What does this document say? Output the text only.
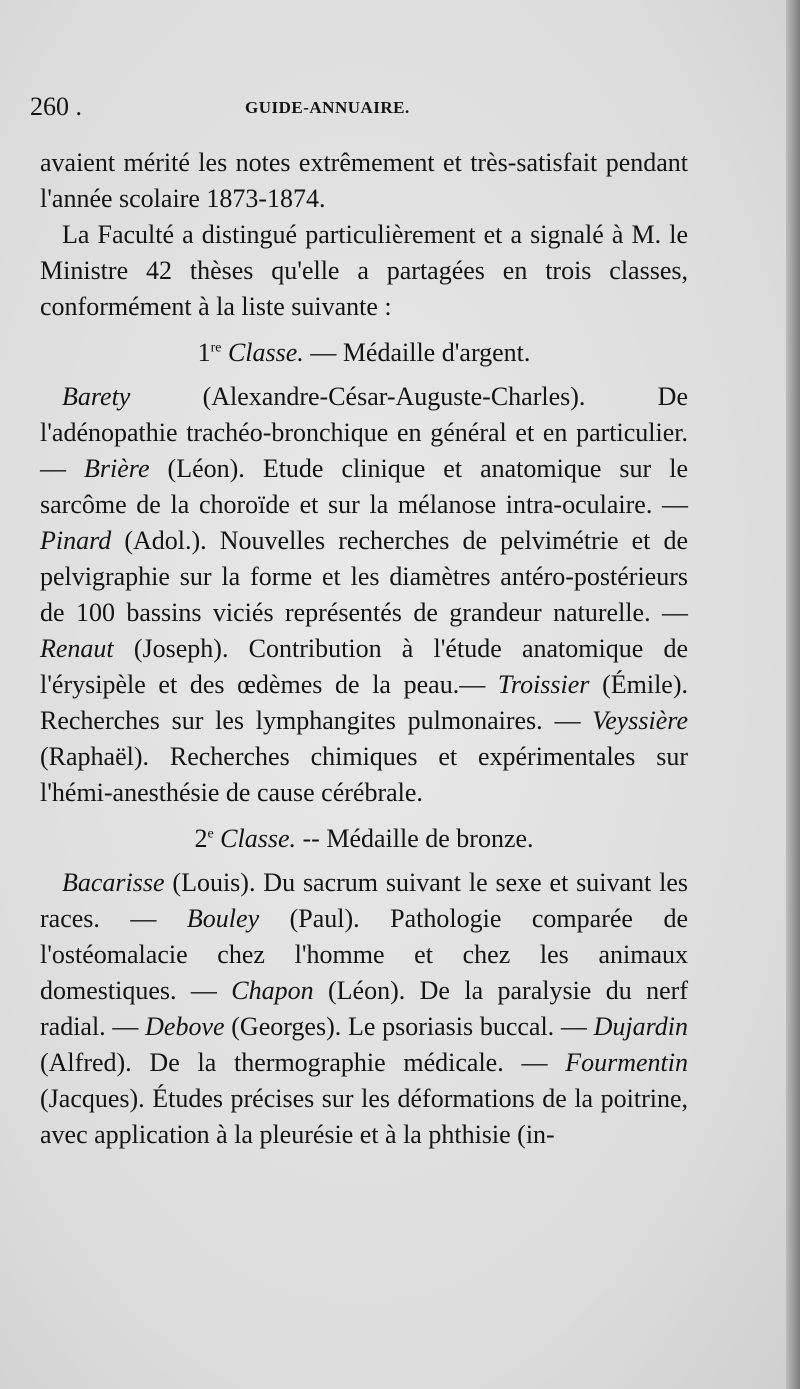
260 .	GUIDE-ANNUAIRE.

avaient mérité les notes extrêmement et très-satisfait pendant l'année scolaire 1873-1874.

La Faculté a distingué particulièrement et a signalé à M. le Ministre 42 thèses qu'elle a partagées en trois classes, conformément à la liste suivante :

1re Classe. — Médaille d'argent.

Barety (Alexandre-César-Auguste-Charles). De l'adénopathie trachéo-bronchique en général et en particulier. — Brière (Léon). Etude clinique et anatomique sur le sarcôme de la choroïde et sur la mélanose intra-oculaire. — Pinard (Adol.). Nouvelles recherches de pelvimétrie et de pelvigraphie sur la forme et les diamètres antéro-postérieurs de 100 bassins viciés représentés de grandeur naturelle. — Renaut (Joseph). Contribution à l'étude anatomique de l'érysipèle et des œdèmes de la peau.— Troissier (Émile). Recherches sur les lymphangites pulmonaires. — Veyssière (Raphaël). Recherches chimiques et expérimentales sur l'hémi-anesthésie de cause cérébrale.

2e Classe. -- Médaille de bronze.

Bacarisse (Louis). Du sacrum suivant le sexe et suivant les races. — Bouley (Paul). Pathologie comparée de l'ostéomalacie chez l'homme et chez les animaux domestiques. — Chapon (Léon). De la paralysie du nerf radial. — Debove (Georges). Le psoriasis buccal. — Dujardin (Alfred). De la thermographie médicale. — Fourmentin (Jacques). Études précises sur les déformations de la poitrine, avec application à la pleurésie et à la phthisie (in-
